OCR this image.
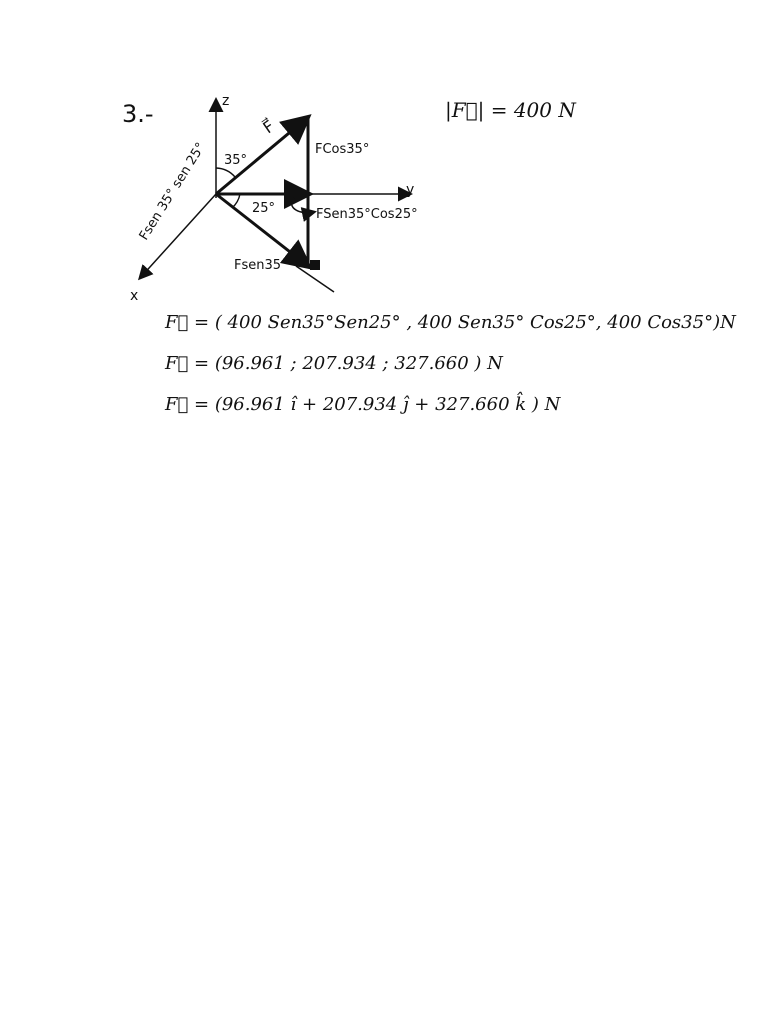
3.-	|F⃗| = 400 N
z
y
x
F⃗
FCos35°
FSen35°Cos25°
Fsen35°
35°
25°
Fsen 35° sen 25°
F⃗ = ( 400 Sen35°Sen25° , 400 Sen35° Cos25°, 400 Cos35°)N
F⃗ = (96.961 ; 207.934 ; 327.660 ) N
F⃗ = (96.961 î + 207.934 ĵ + 327.660 k̂ ) N
